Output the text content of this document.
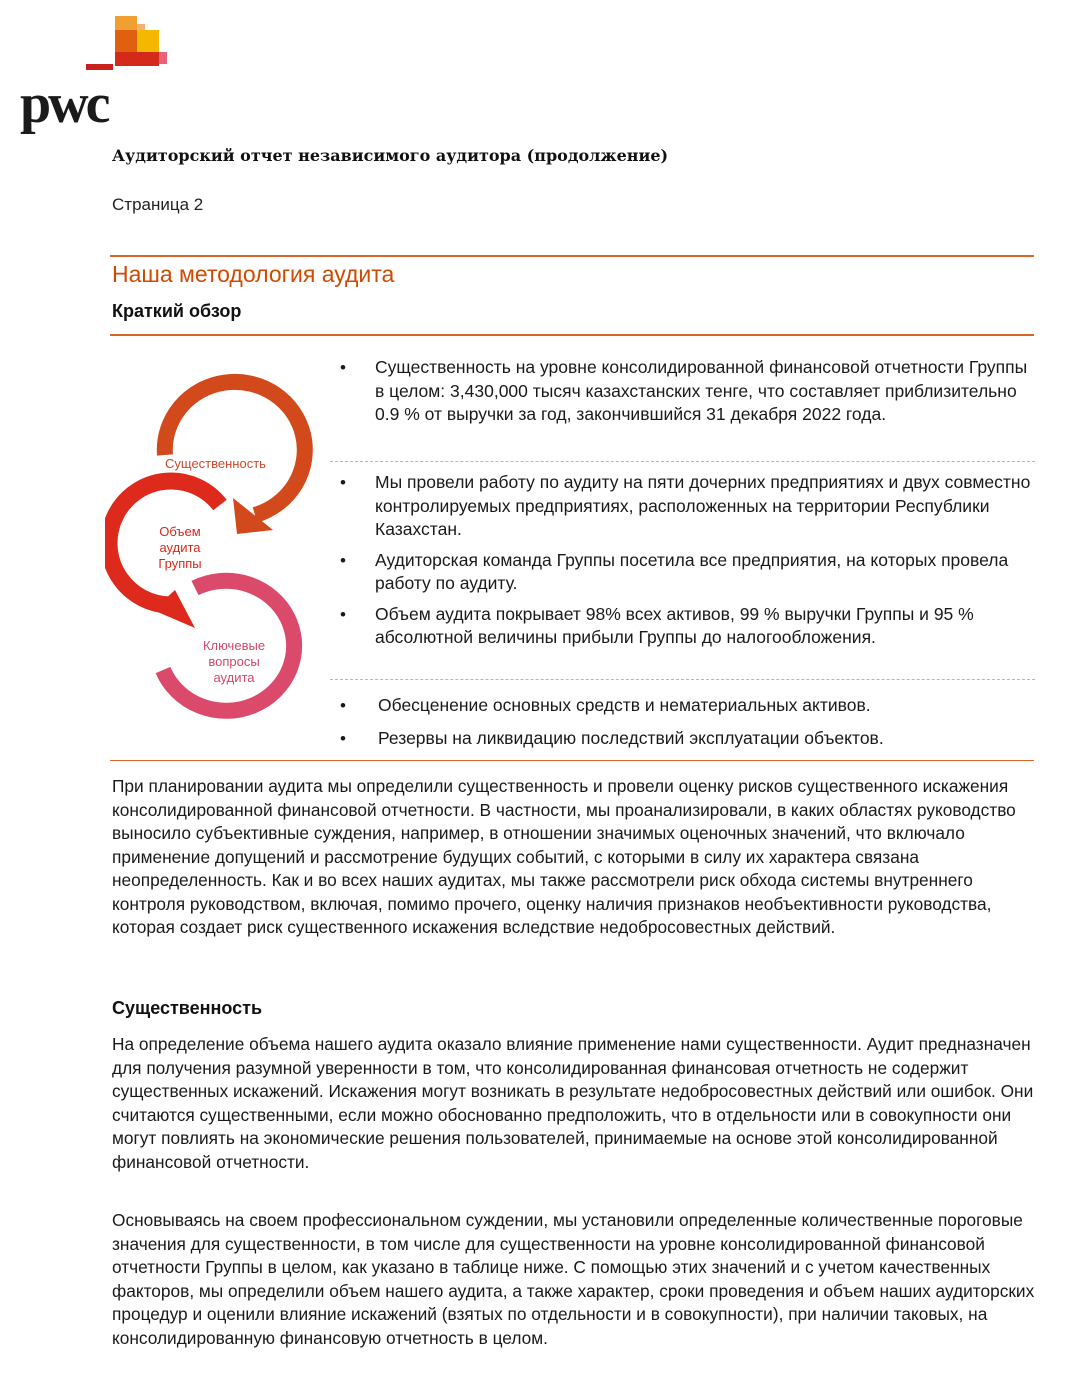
pwc
Аудиторский отчет независимого аудитора (продолжение)
Страница 2
Наша методология аудита
Краткий обзор
Существенность
Объем
аудита
Группы
Ключевые
вопросы
аудита
• Существенность на уровне консолидированной финансовой отчетности Группы в целом: 3,430,000 тысяч казахстанских тенге, что составляет приблизительно 0.9 % от выручки за год, закончившийся 31 декабря 2022 года.
• Мы провели работу по аудиту на пяти дочерних предприятиях и двух совместно контролируемых предприятиях, расположенных на территории Республики Казахстан.
• Аудиторская команда Группы посетила все предприятия, на которых провела работу по аудиту.
• Объем аудита покрывает 98% всех активов, 99 % выручки Группы и 95 % абсолютной величины прибыли Группы до налогообложения.
• Обесценение основных средств и нематериальных активов.
• Резервы на ликвидацию последствий эксплуатации объектов.
При планировании аудита мы определили существенность и провели оценку рисков существенного искажения консолидированной финансовой отчетности. В частности, мы проанализировали, в каких областях руководство выносило субъективные суждения, например, в отношении значимых оценочных значений, что включало применение допущений и рассмотрение будущих событий, с которыми в силу их характера связана неопределенность. Как и во всех наших аудитах, мы также рассмотрели риск обхода системы внутреннего контроля руководством, включая, помимо прочего, оценку наличия признаков необъективности руководства, которая создает риск существенного искажения вследствие недобросовестных действий.
Существенность
На определение объема нашего аудита оказало влияние применение нами существенности. Аудит предназначен для получения разумной уверенности в том, что консолидированная финансовая отчетность не содержит существенных искажений. Искажения могут возникать в результате недобросовестных действий или ошибок. Они считаются существенными, если можно обоснованно предположить, что в отдельности или в совокупности они могут повлиять на экономические решения пользователей, принимаемые на основе этой консолидированной финансовой отчетности.
Основываясь на своем профессиональном суждении, мы установили определенные количественные пороговые значения для существенности, в том числе для существенности на уровне консолидированной финансовой отчетности Группы в целом, как указано в таблице ниже. С помощью этих значений и с учетом качественных факторов, мы определили объем нашего аудита, а также характер, сроки проведения и объем наших аудиторских процедур и оценили влияние искажений (взятых по отдельности и в совокупности), при наличии таковых, на консолидированную финансовую отчетность в целом.
